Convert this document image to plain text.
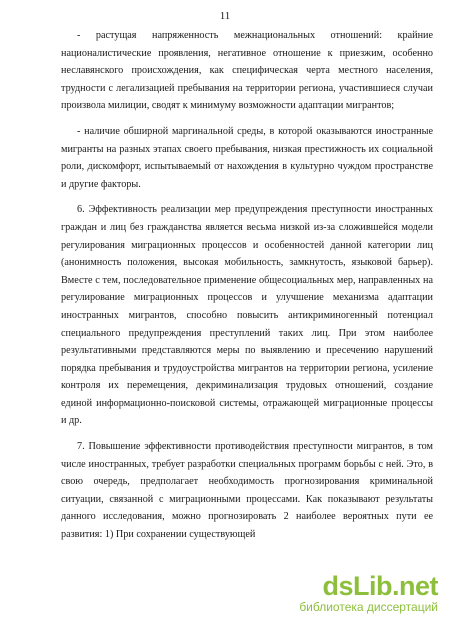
11

- растущая напряженность межнациональных отношений: крайние националистические проявления, негативное отношение к приезжим, особенно неславянского происхождения, как специфическая черта местного населения, трудности с легализацией пребывания на территории региона, участившиеся случаи произвола милиции, сводят к минимуму возможности адаптации мигрантов;

- наличие обширной маргинальной среды, в которой оказываются иностранные мигранты на разных этапах своего пребывания, низкая престижность их социальной роли, дискомфорт, испытываемый от нахождения в культурно чуждом пространстве и другие факторы.

6. Эффективность реализации мер предупреждения преступности иностранных граждан и лиц без гражданства является весьма низкой из-за сложившейся модели регулирования миграционных процессов и особенностей данной категории лиц (анонимность положения, высокая мобильность, замкнутость, языковой барьер). Вместе с тем, последовательное применение общесоциальных мер, направленных на регулирование миграционных процессов и улучшение механизма адаптации иностранных мигрантов, способно повысить антикриминогенный потенциал специального предупреждения преступлений таких лиц. При этом наиболее результативными представляются меры по выявлению и пресечению нарушений порядка пребывания и трудоустройства мигрантов на территории региона, усиление контроля их перемещения, декриминализация трудовых отношений, создание единой информационно-поисковой системы, отражающей миграционные процессы и др.

7. Повышение эффективности противодействия преступности мигрантов, в том числе иностранных, требует разработки специальных программ борьбы с ней. Это, в свою очередь, предполагает необходимость прогнозирования криминальной ситуации, связанной с миграционными процессами. Как показывают результаты данного исследования, можно прогнозировать 2 наиболее вероятных пути ее развития: 1) При сохранении существующей

dsLib.net
библиотека диссертаций
